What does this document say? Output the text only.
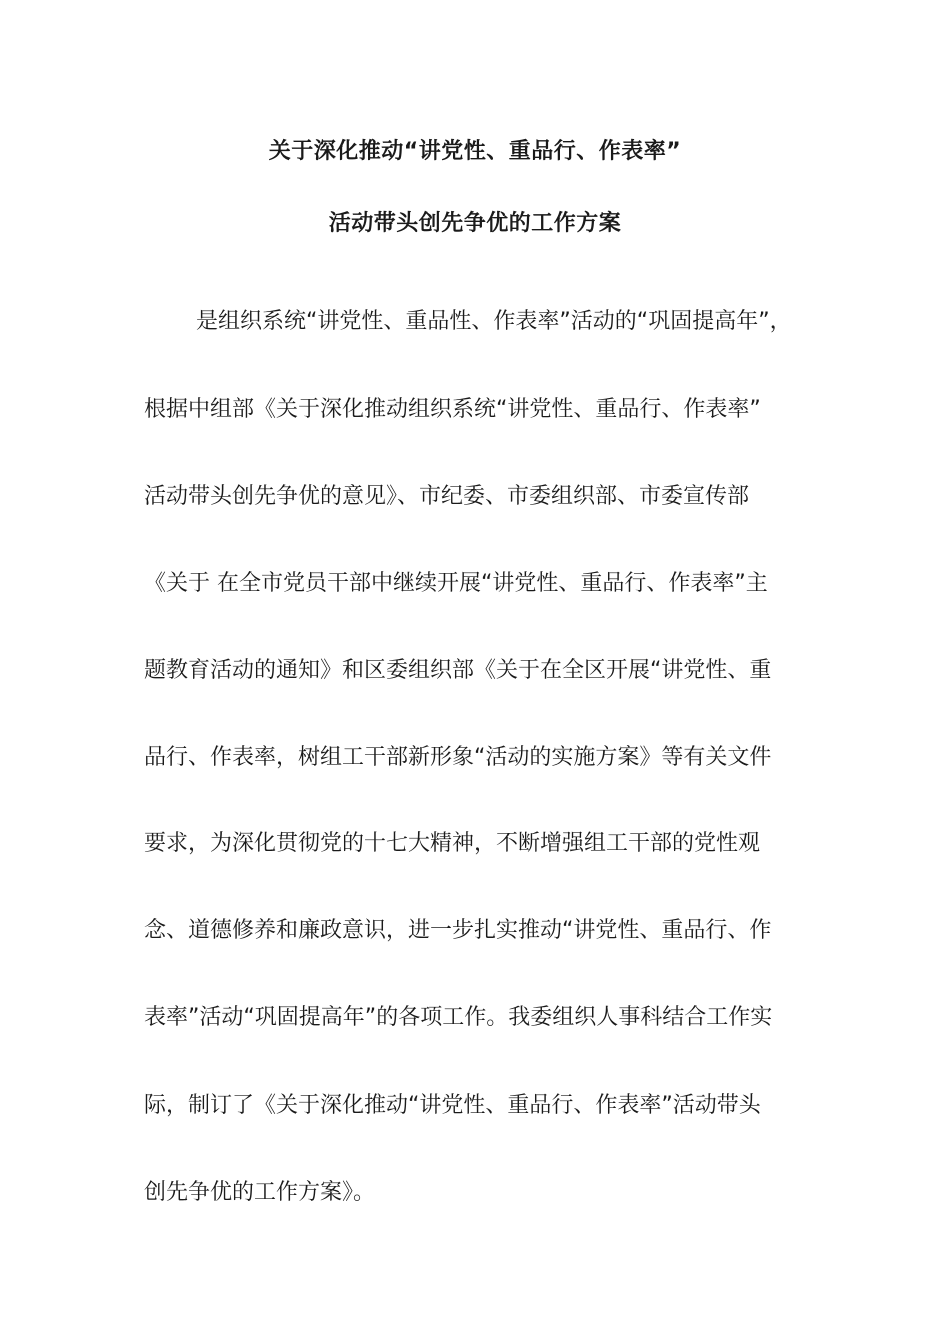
关于深化推动“讲党性、重品行、作表率”
活动带头创先争优的工作方案
是组织系统“讲党性、重品性、作表率”活动的“巩固提高年”，
根据中组部《关于深化推动组织系统“讲党性、重品行、作表率”
活动带头创先争优的意见》、市纪委、市委组织部、市委宣传部
《关于 在全市党员干部中继续开展“讲党性、重品行、作表率”主
题教育活动的通知》和区委组织部《关于在全区开展“讲党性、重
品行、作表率，树组工干部新形象“活动的实施方案》等有关文件
要求，为深化贯彻党的十七大精神，不断增强组工干部的党性观
念、道德修养和廉政意识，进一步扎实推动“讲党性、重品行、作
表率”活动“巩固提高年”的各项工作。我委组织人事科结合工作实
际，制订了《关于深化推动“讲党性、重品行、作表率”活动带头
创先争优的工作方案》。
